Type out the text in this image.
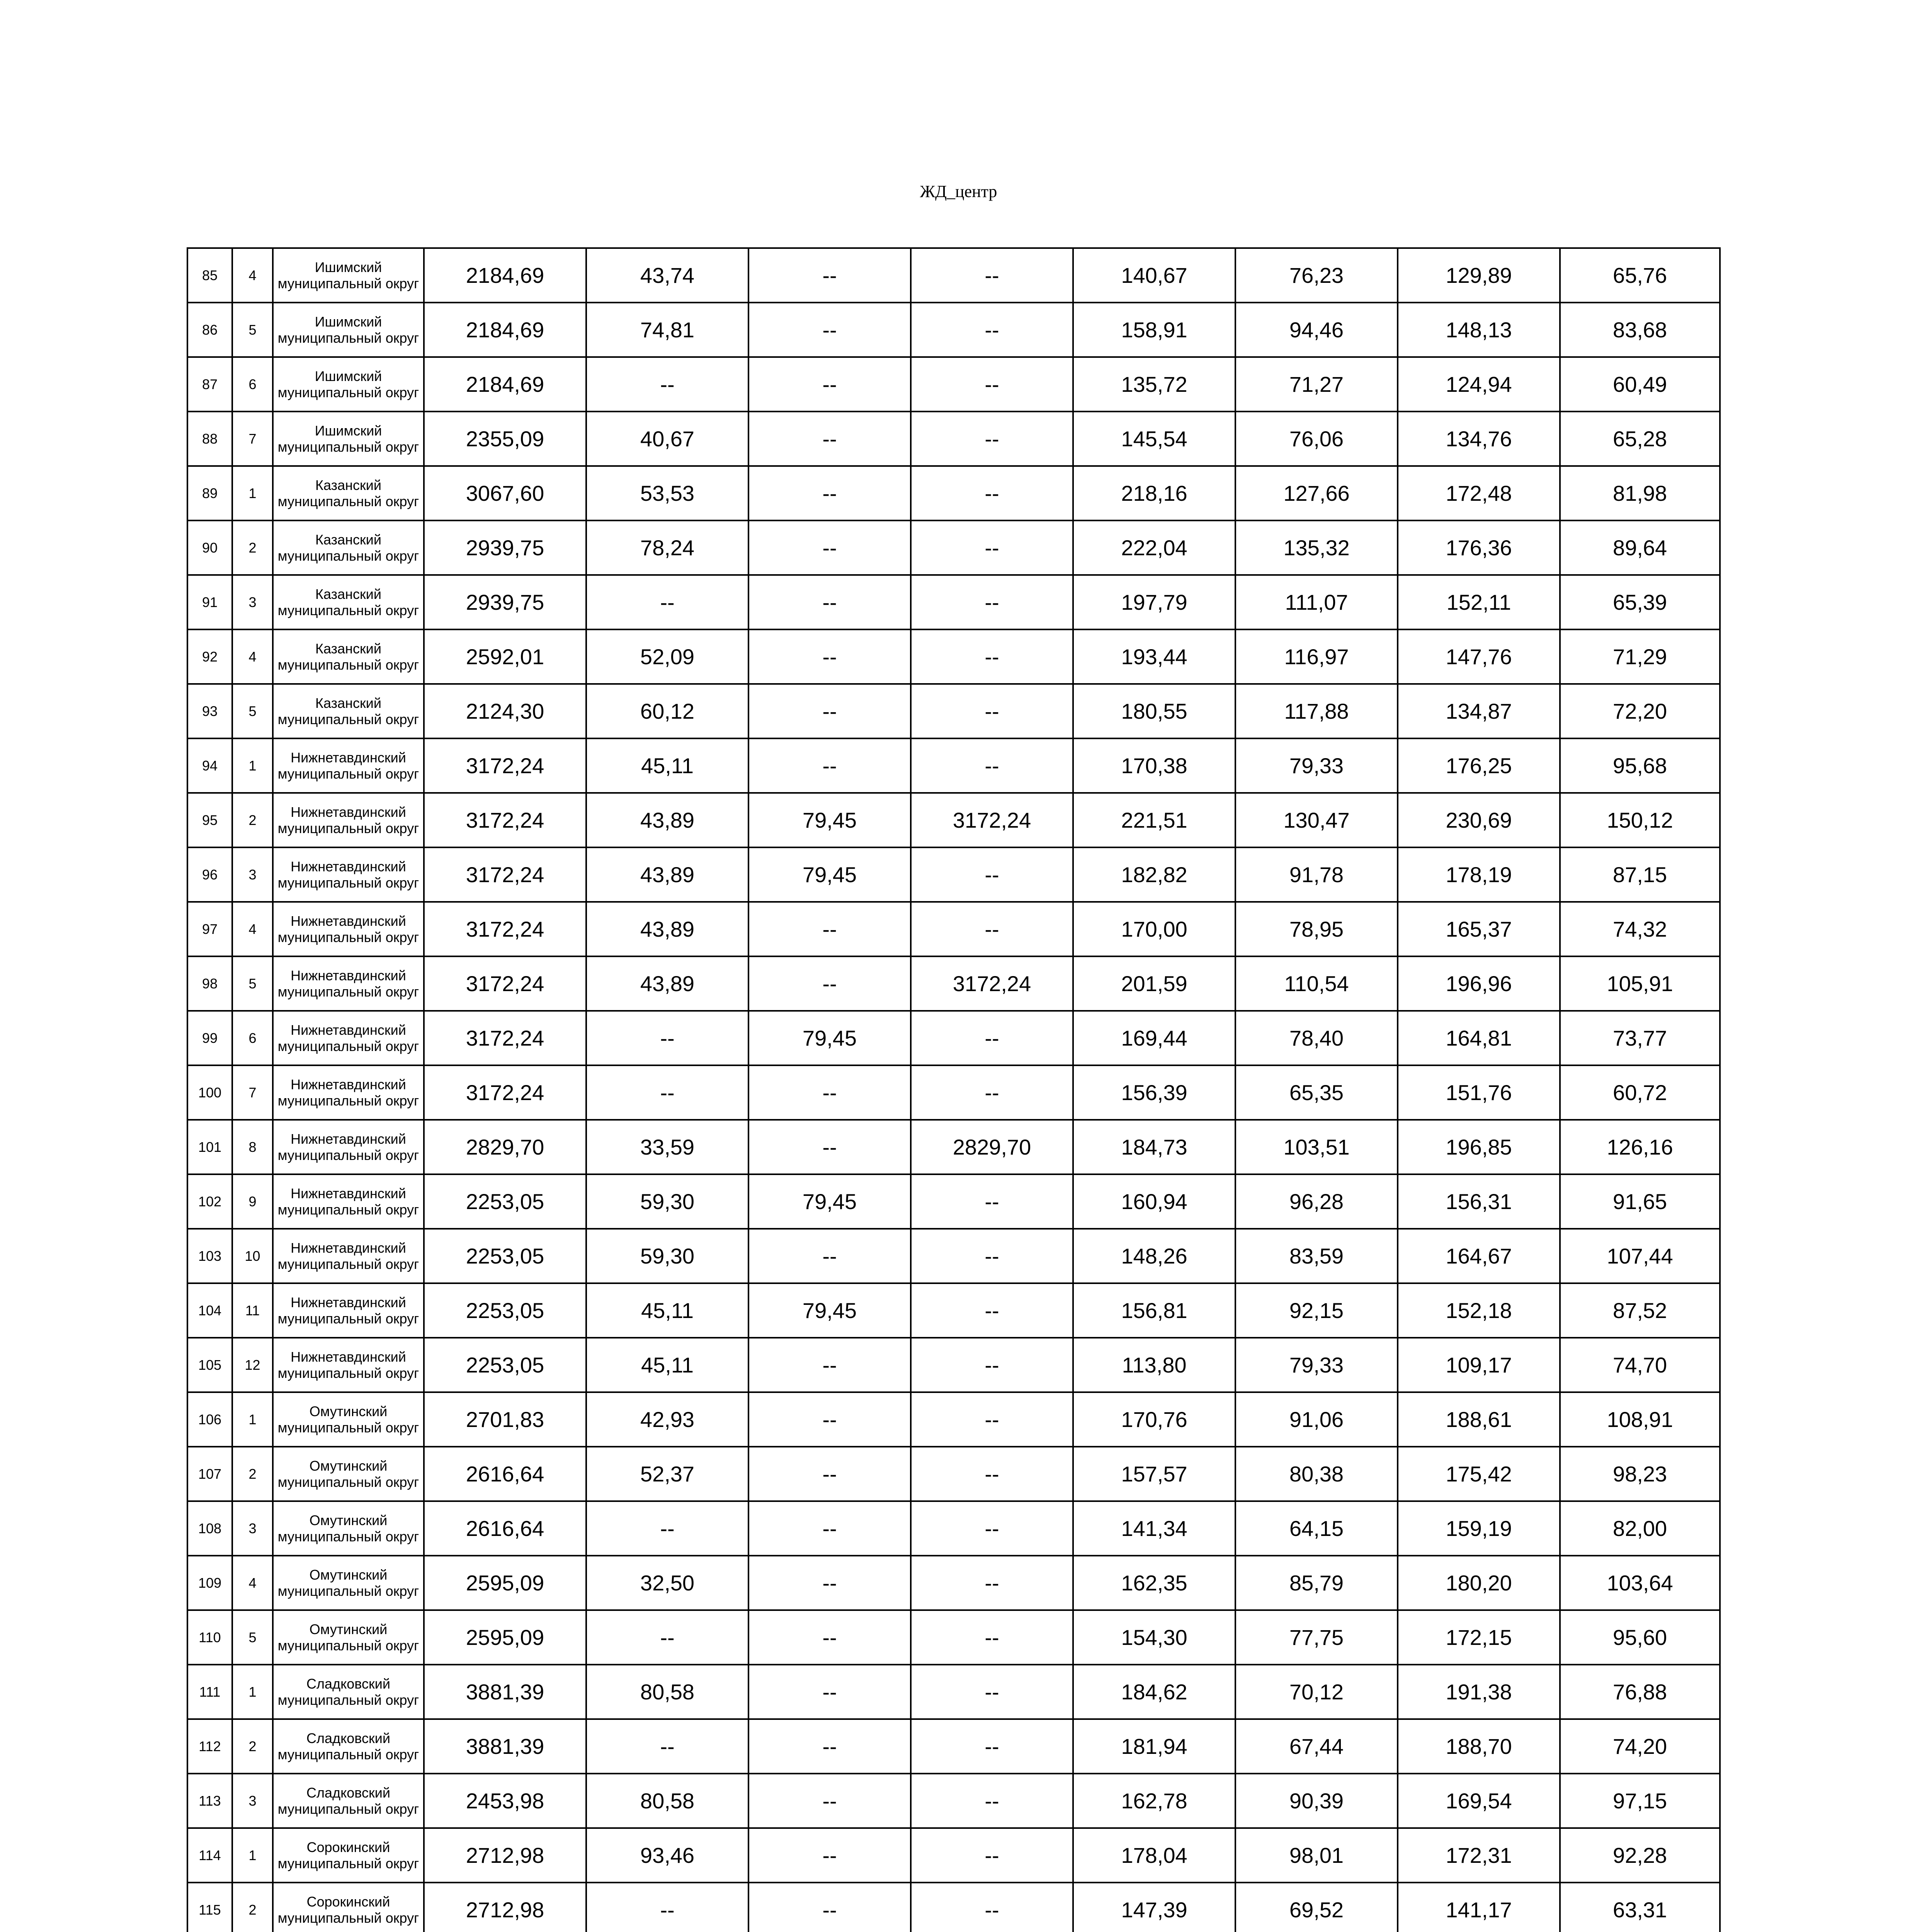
ЖД_центр
85	4	Ишимский муниципальный округ	2184,69	43,74	--	--	140,67	76,23	129,89	65,76
86	5	Ишимский муниципальный округ	2184,69	74,81	--	--	158,91	94,46	148,13	83,68
87	6	Ишимский муниципальный округ	2184,69	--	--	--	135,72	71,27	124,94	60,49
88	7	Ишимский муниципальный округ	2355,09	40,67	--	--	145,54	76,06	134,76	65,28
89	1	Казанский муниципальный округ	3067,60	53,53	--	--	218,16	127,66	172,48	81,98
90	2	Казанский муниципальный округ	2939,75	78,24	--	--	222,04	135,32	176,36	89,64
91	3	Казанский муниципальный округ	2939,75	--	--	--	197,79	111,07	152,11	65,39
92	4	Казанский муниципальный округ	2592,01	52,09	--	--	193,44	116,97	147,76	71,29
93	5	Казанский муниципальный округ	2124,30	60,12	--	--	180,55	117,88	134,87	72,20
94	1	Нижнетавдинский муниципальный округ	3172,24	45,11	--	--	170,38	79,33	176,25	95,68
95	2	Нижнетавдинский муниципальный округ	3172,24	43,89	79,45	3172,24	221,51	130,47	230,69	150,12
96	3	Нижнетавдинский муниципальный округ	3172,24	43,89	79,45	--	182,82	91,78	178,19	87,15
97	4	Нижнетавдинский муниципальный округ	3172,24	43,89	--	--	170,00	78,95	165,37	74,32
98	5	Нижнетавдинский муниципальный округ	3172,24	43,89	--	3172,24	201,59	110,54	196,96	105,91
99	6	Нижнетавдинский муниципальный округ	3172,24	--	79,45	--	169,44	78,40	164,81	73,77
100	7	Нижнетавдинский муниципальный округ	3172,24	--	--	--	156,39	65,35	151,76	60,72
101	8	Нижнетавдинский муниципальный округ	2829,70	33,59	--	2829,70	184,73	103,51	196,85	126,16
102	9	Нижнетавдинский муниципальный округ	2253,05	59,30	79,45	--	160,94	96,28	156,31	91,65
103	10	Нижнетавдинский муниципальный округ	2253,05	59,30	--	--	148,26	83,59	164,67	107,44
104	11	Нижнетавдинский муниципальный округ	2253,05	45,11	79,45	--	156,81	92,15	152,18	87,52
105	12	Нижнетавдинский муниципальный округ	2253,05	45,11	--	--	113,80	79,33	109,17	74,70
106	1	Омутинский муниципальный округ	2701,83	42,93	--	--	170,76	91,06	188,61	108,91
107	2	Омутинский муниципальный округ	2616,64	52,37	--	--	157,57	80,38	175,42	98,23
108	3	Омутинский муниципальный округ	2616,64	--	--	--	141,34	64,15	159,19	82,00
109	4	Омутинский муниципальный округ	2595,09	32,50	--	--	162,35	85,79	180,20	103,64
110	5	Омутинский муниципальный округ	2595,09	--	--	--	154,30	77,75	172,15	95,60
111	1	Сладковский муниципальный округ	3881,39	80,58	--	--	184,62	70,12	191,38	76,88
112	2	Сладковский муниципальный округ	3881,39	--	--	--	181,94	67,44	188,70	74,20
113	3	Сладковский муниципальный округ	2453,98	80,58	--	--	162,78	90,39	169,54	97,15
114	1	Сорокинский муниципальный округ	2712,98	93,46	--	--	178,04	98,01	172,31	92,28
115	2	Сорокинский муниципальный округ	2712,98	--	--	--	147,39	69,52	141,17	63,31
